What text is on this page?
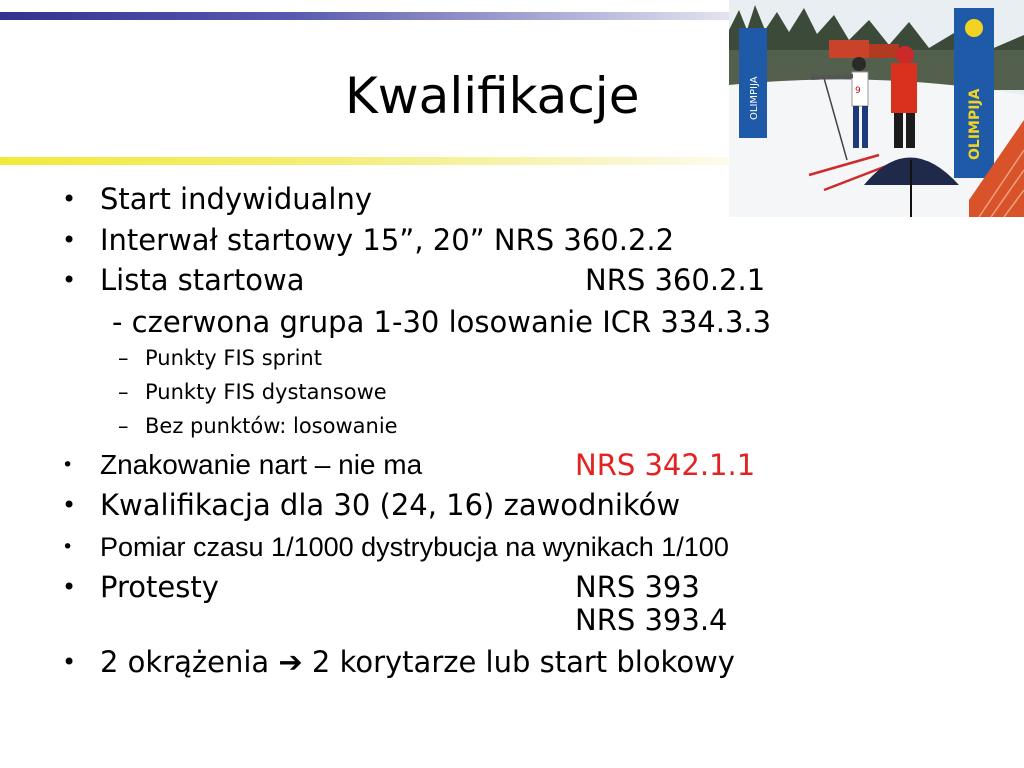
Kwalifikacje	OLIMPIJA	OLIMPIJA
9
• Start indywidualny
• Interwał startowy 15”, 20” NRS 360.2.2
• Lista startowa	NRS 360.2.1
- czerwona grupa 1-30 losowanie ICR 334.3.3
– Punkty FIS sprint
– Punkty FIS dystansowe
– Bez punktów: losowanie
• Znakowanie nart – nie ma	NRS 342.1.1
• Kwalifikacja dla 30 (24, 16) zawodników
• Pomiar czasu 1/1000 dystrybucja na wynikach 1/100
• Protesty	NRS 393
NRS 393.4
• 2 okrążenia ➔ 2 korytarze lub start blokowy
